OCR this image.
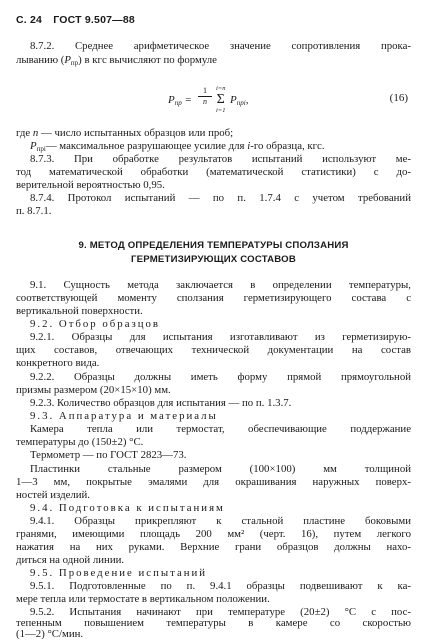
С. 24 ГОСТ 9.507—88
8.7.2. Среднее арифметическое значение сопротивления прока-
лыванию $(P_{пр})$ в кгс вычисляют по формуле
$P_{пр} = \frac{1}{n} i=n$
Σ
i=1
$P_{прi}$,	(16)
где n — число испытанных образцов или проб;
$P_{прi}—$ максимальное разрушающее усилие для i-го образца, кгс.
8.7.3. При обработке результатов испытаний используют ме-
тод математической обработки (математической статистики) с до-
верительной вероятностью 0,95.
8.7.4. Протокол испытаний — по п. 1.7.4 с учетом требований
п. 8.7.1.
9. МЕТОД ОПРЕДЕЛЕНИЯ ТЕМПЕРАТУРЫ СПОЛЗАНИЯ
ГЕРМЕТИЗИРУЮЩИХ СОСТАВОВ
9.1. Сущность метода заключается в определении температуры,
соответствующей моменту сползания герметизирующего состава с
вертикальной поверхности.
9.2. Отбор образцов
9.2.1. Образцы для испытания изготавливают из герметизирую-
щих составов, отвечающих технической документации на состав
конкретного вида.
9.2.2. Образцы должны иметь форму прямой прямоугольной
призмы размером (20×15×10) мм.
9.2.3. Количество образцов для испытания — по п. 1.3.7.
9.3. Аппаратура и материалы
Камера тепла или термостат, обеспечивающие поддержание
температуры до (150±2) °С.
Термометр — по ГОСТ 2823—73.
Пластинки стальные размером (100×100) мм толщиной
1—3 мм, покрытые эмалями для окрашивания наружных поверх-
ностей изделий.
9.4. Подготовка к испытаниям
9.4.1. Образцы прикрепляют к стальной пластине боковыми
гранями, имеющими площадь 200 мм² (черт. 16), путем легкого
нажатия на них руками. Верхние грани образцов должны нахо-
диться на одной линии.
9.5. Проведение испытаний
9.5.1. Подготовленные по п. 9.4.1 образцы подвешивают к ка-
мере тепла или термостате в вертикальном положении.
9.5.2. Испытания начинают при температуре (20±2) °С с пос-
тепенным повышением температуры в камере со скоростью
(1—2) °С/мин.
